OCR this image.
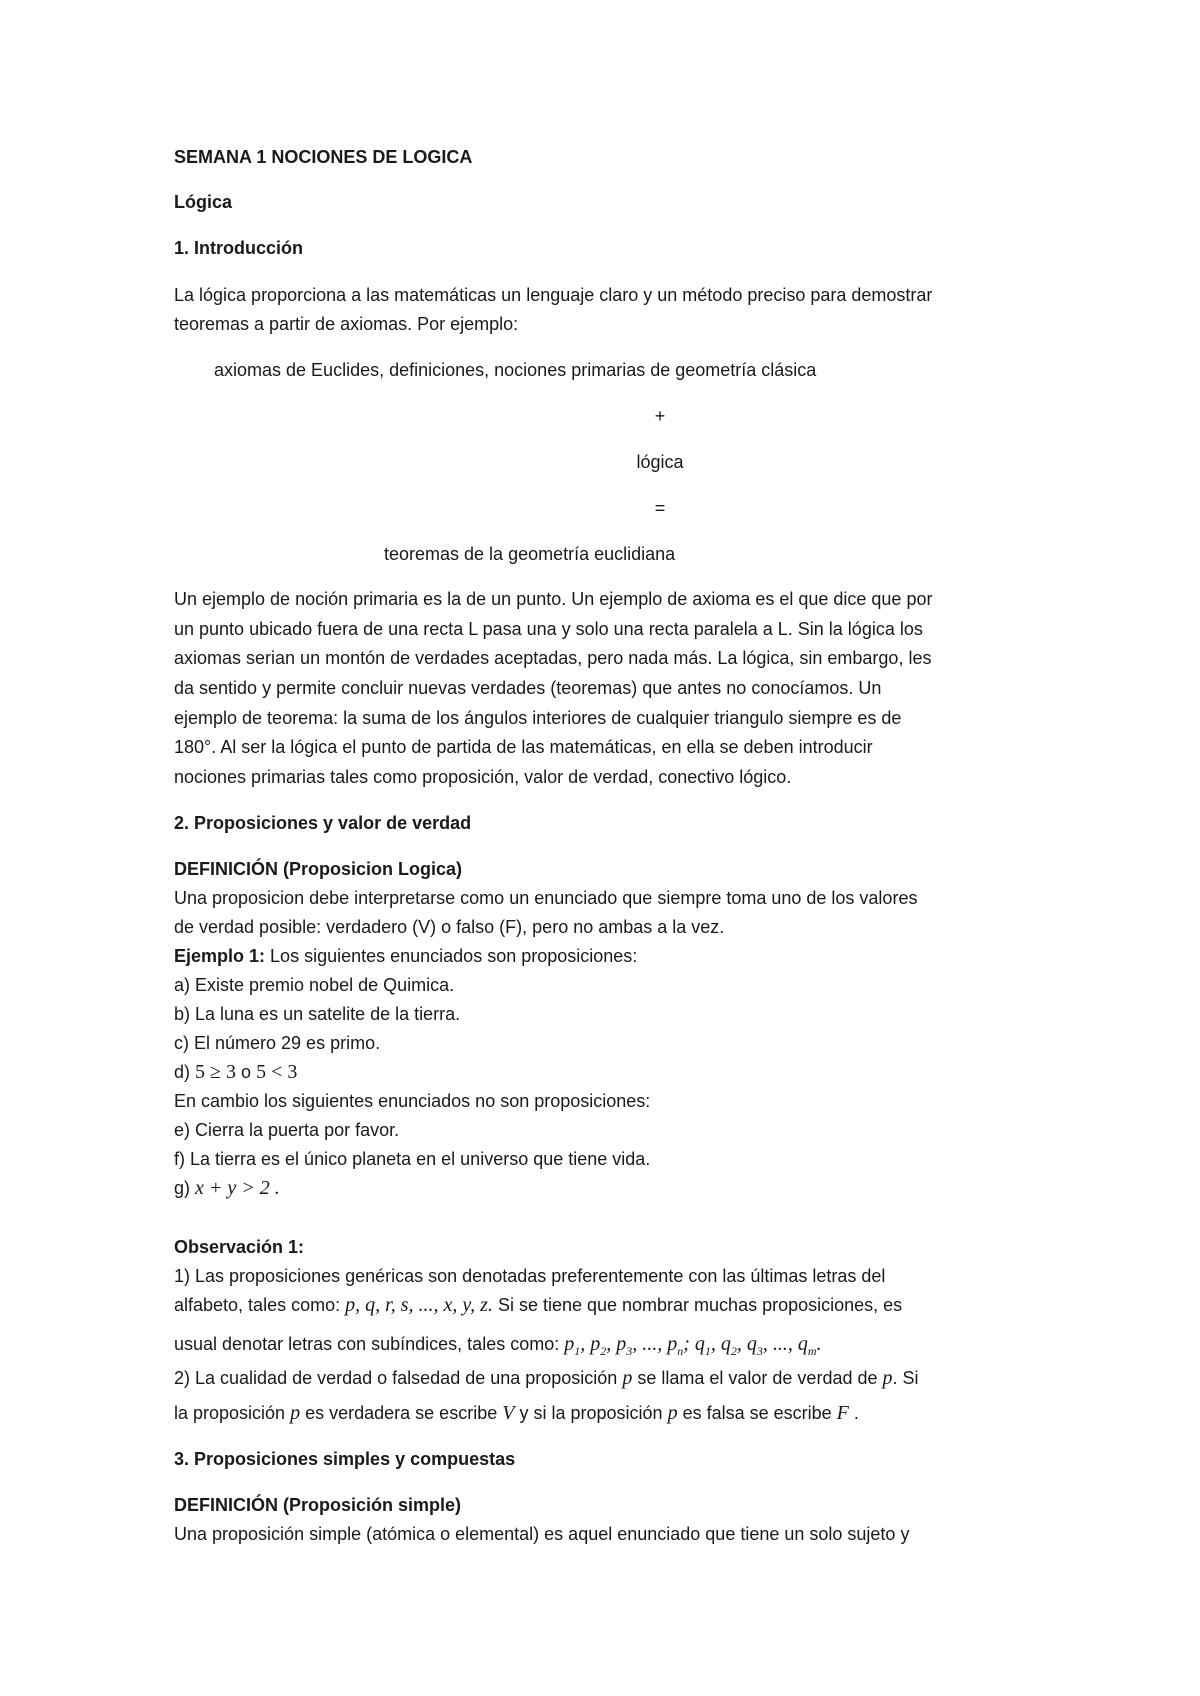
SEMANA 1 NOCIONES DE LOGICA
Lógica
1. Introducción
La lógica proporciona a las matemáticas un lenguaje claro y un método preciso para demostrar
teoremas a partir de axiomas. Por ejemplo:
axiomas de Euclides, definiciones, nociones primarias de geometría clásica
+
lógica
=
teoremas de la geometría euclidiana
Un ejemplo de noción primaria es la de un punto. Un ejemplo de axioma es el que dice que por
un punto ubicado fuera de una recta L pasa una y solo una recta paralela a L. Sin la lógica los
axiomas serian un montón de verdades aceptadas, pero nada más. La lógica, sin embargo, les
da sentido y permite concluir nuevas verdades (teoremas) que antes no conocíamos. Un
ejemplo de teorema: la suma de los ángulos interiores de cualquier triangulo siempre es de
180°. Al ser la lógica el punto de partida de las matemáticas, en ella se deben introducir
nociones primarias tales como proposición, valor de verdad, conectivo lógico.
2. Proposiciones y valor de verdad
DEFINICIÓN (Proposicion Logica)
Una proposicion debe interpretarse como un enunciado que siempre toma uno de los valores
de verdad posible: verdadero (V) o falso (F), pero no ambas a la vez.
Ejemplo 1: Los siguientes enunciados son proposiciones:
a) Existe premio nobel de Quimica.
b) La luna es un satelite de la tierra.
c) El número 29 es primo.
d) 5 ≥ 3 o 5 < 3
En cambio los siguientes enunciados no son proposiciones:
e) Cierra la puerta por favor.
f) La tierra es el único planeta en el universo que tiene vida.
g) x + y > 2 .
Observación 1:
1) Las proposiciones genéricas son denotadas preferentemente con las últimas letras del
alfabeto, tales como: p, q, r, s, ..., x, y, z. Si se tiene que nombrar muchas proposiciones, es
usual denotar letras con subíndices, tales como: $p_1$, $p_2$, $p_3$, ..., $p_n$; $q_1$, $q_2$, $q_3$, ..., $q_m$.
2) La cualidad de verdad o falsedad de una proposición p se llama el valor de verdad de p. Si
la proposición p es verdadera se escribe V y si la proposición p es falsa se escribe F .
3. Proposiciones simples y compuestas
DEFINICIÓN (Proposición simple)
Una proposición simple (atómica o elemental) es aquel enunciado que tiene un solo sujeto y
